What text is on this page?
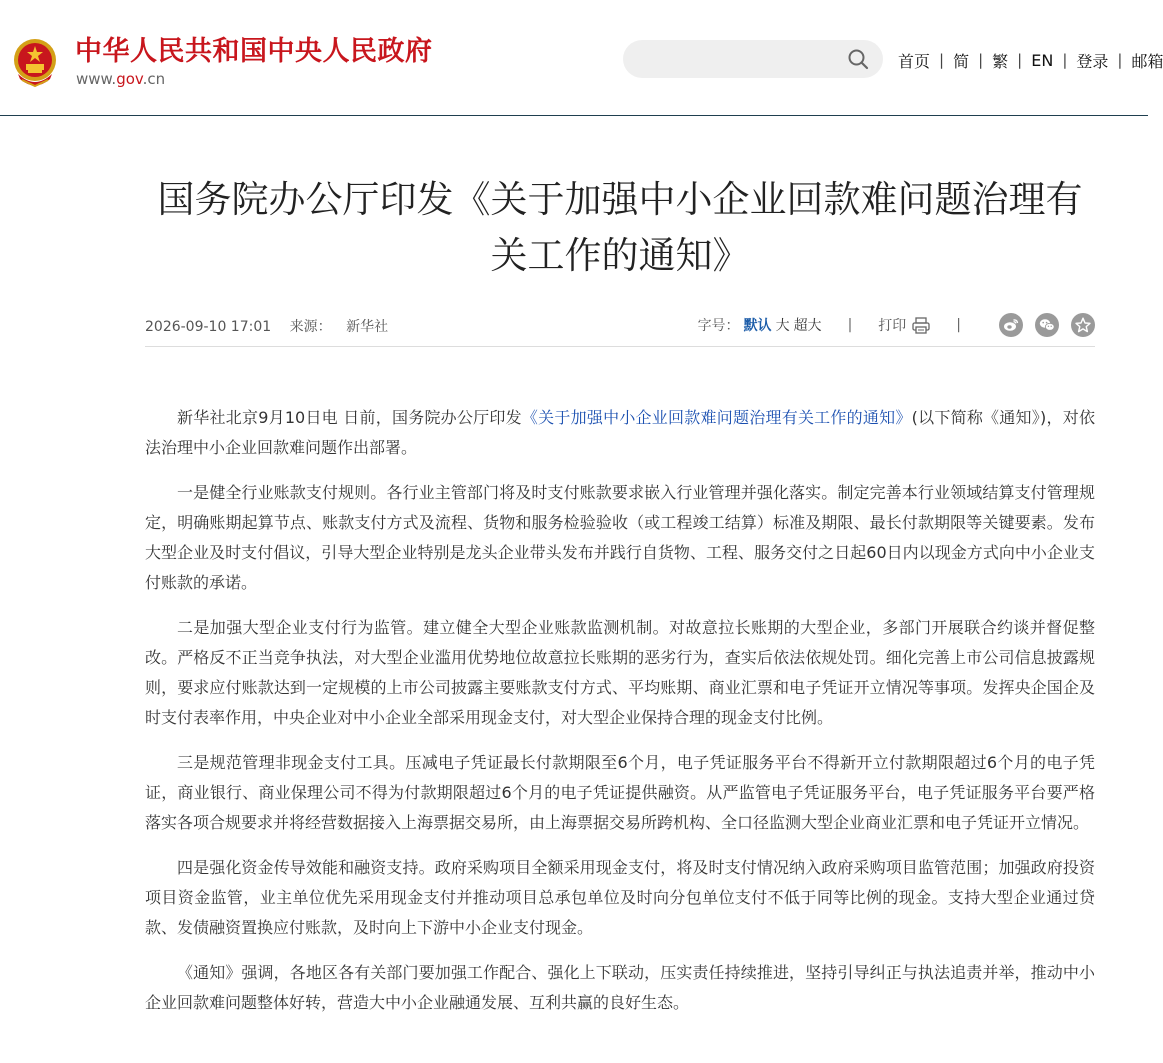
中华人民共和国中央人民政府
www.gov.cn
首页 | 简 | 繁 | EN | 登录 | 邮箱
国务院办公厅印发《关于加强中小企业回款难问题治理有关工作的通知》
2026-09-10 17:01 来源： 新华社	字号： 默认 大 超大 | 打印	|

新华社北京9月10日电 日前，国务院办公厅印发《关于加强中小企业回款难问题治理有关工作的通知》(以下简称《通知》)，对依法治理中小企业回款难问题作出部署。

一是健全行业账款支付规则。各行业主管部门将及时支付账款要求嵌入行业管理并强化落实。制定完善本行业领域结算支付管理规定，明确账期起算节点、账款支付方式及流程、货物和服务检验验收（或工程竣工结算）标准及期限、最长付款期限等关键要素。发布大型企业及时支付倡议，引导大型企业特别是龙头企业带头发布并践行自货物、工程、服务交付之日起60日内以现金方式向中小企业支付账款的承诺。

二是加强大型企业支付行为监管。建立健全大型企业账款监测机制。对故意拉长账期的大型企业，多部门开展联合约谈并督促整改。严格反不正当竞争执法，对大型企业滥用优势地位故意拉长账期的恶劣行为，查实后依法依规处罚。细化完善上市公司信息披露规则，要求应付账款达到一定规模的上市公司披露主要账款支付方式、平均账期、商业汇票和电子凭证开立情况等事项。发挥央企国企及时支付表率作用，中央企业对中小企业全部采用现金支付，对大型企业保持合理的现金支付比例。

三是规范管理非现金支付工具。压减电子凭证最长付款期限至6个月，电子凭证服务平台不得新开立付款期限超过6个月的电子凭证，商业银行、商业保理公司不得为付款期限超过6个月的电子凭证提供融资。从严监管电子凭证服务平台，电子凭证服务平台要严格落实各项合规要求并将经营数据接入上海票据交易所，由上海票据交易所跨机构、全口径监测大型企业商业汇票和电子凭证开立情况。

四是强化资金传导效能和融资支持。政府采购项目全额采用现金支付，将及时支付情况纳入政府采购项目监管范围；加强政府投资项目资金监管，业主单位优先采用现金支付并推动项目总承包单位及时向分包单位支付不低于同等比例的现金。支持大型企业通过贷款、发债融资置换应付账款，及时向上下游中小企业支付现金。

《通知》强调，各地区各有关部门要加强工作配合、强化上下联动，压实责任持续推进，坚持引导纠正与执法追责并举，推动中小企业回款难问题整体好转，营造大中小企业融通发展、互利共赢的良好生态。
